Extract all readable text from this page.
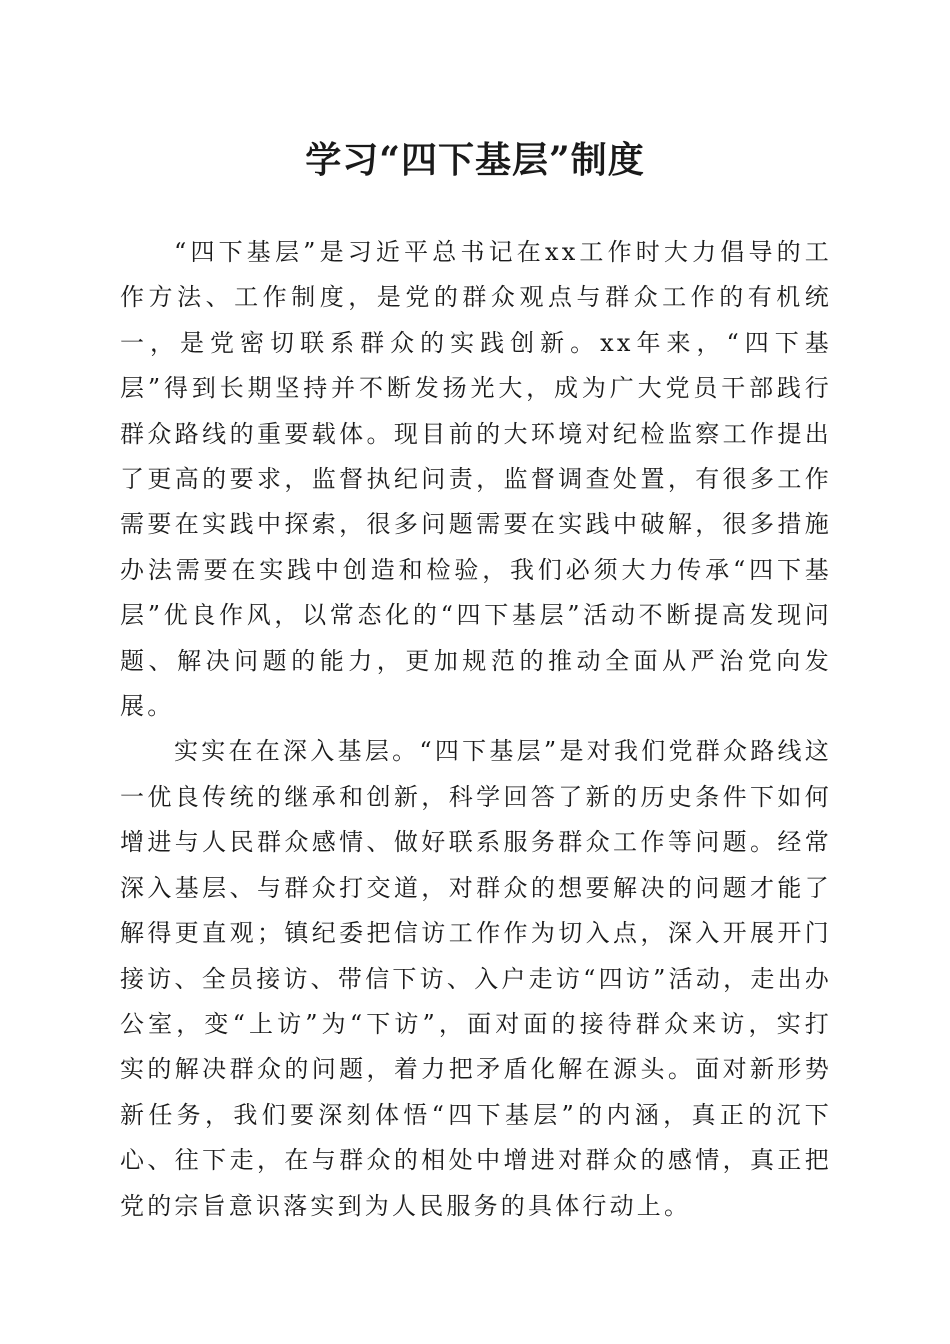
学习“四下基层”制度

“四下基层”是习近平总书记在xx工作时大力倡导的工作方法、工作制度，是党的群众观点与群众工作的有机统一，是党密切联系群众的实践创新。xx年来，“四下基层”得到长期坚持并不断发扬光大，成为广大党员干部践行群众路线的重要载体。现目前的大环境对纪检监察工作提出了更高的要求，监督执纪问责，监督调查处置，有很多工作需要在实践中探索，很多问题需要在实践中破解，很多措施办法需要在实践中创造和检验，我们必须大力传承“四下基层”优良作风，以常态化的“四下基层”活动不断提高发现问题、解决问题的能力，更加规范的推动全面从严治党向发展。

实实在在深入基层。“四下基层”是对我们党群众路线这一优良传统的继承和创新，科学回答了新的历史条件下如何增进与人民群众感情、做好联系服务群众工作等问题。经常深入基层、与群众打交道，对群众的想要解决的问题才能了解得更直观；镇纪委把信访工作作为切入点，深入开展开门接访、全员接访、带信下访、入户走访“四访”活动，走出办公室，变“上访”为“下访”，面对面的接待群众来访，实打实的解决群众的问题，着力把矛盾化解在源头。面对新形势新任务，我们要深刻体悟“四下基层”的内涵，真正的沉下心、往下走，在与群众的相处中增进对群众的感情，真正把党的宗旨意识落实到为人民服务的具体行动上。
